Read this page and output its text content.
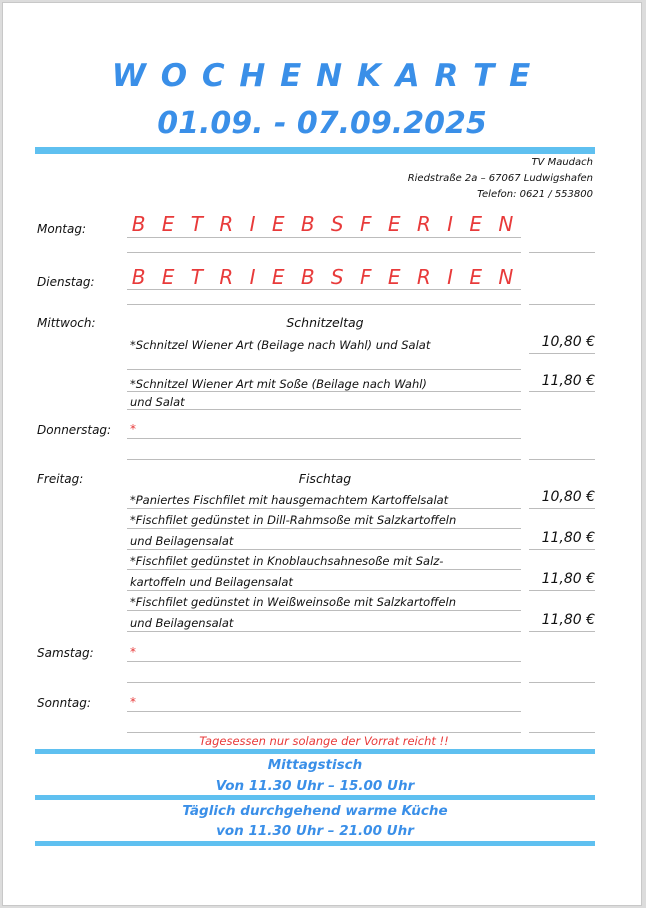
W O C H E N K A R T E
01.09. - 07.09.2025
TV Maudach
Riedstraße 2a – 67067 Ludwigshafen
Telefon: 0621 / 553800
Montag: B E T R I E B S F E R I E N
Dienstag: B E T R I E B S F E R I E N
Mittwoch:	Schnitzeltag
*Schnitzel Wiener Art (Beilage nach Wahl) und Salat	10,80 €
*Schnitzel Wiener Art mit Soße (Beilage nach Wahl)	11,80 €
und Salat
Donnerstag: *
Freitag:	Fischtag
*Paniertes Fischfilet mit hausgemachtem Kartoffelsalat	10,80 €
*Fischfilet gedünstet in Dill-Rahmsoße mit Salzkartoffeln
und Beilagensalat	11,80 €
*Fischfilet gedünstet in Knoblauchsahnesoße mit Salz-
kartoffeln und Beilagensalat	11,80 €
*Fischfilet gedünstet in Weißweinsoße mit Salzkartoffeln
und Beilagensalat	11,80 €
Samstag:	*
Sonntag:	*
Tagesessen nur solange der Vorrat reicht !!
Mittagstisch
Von 11.30 Uhr – 15.00 Uhr
Täglich durchgehend warme Küche
von 11.30 Uhr – 21.00 Uhr
